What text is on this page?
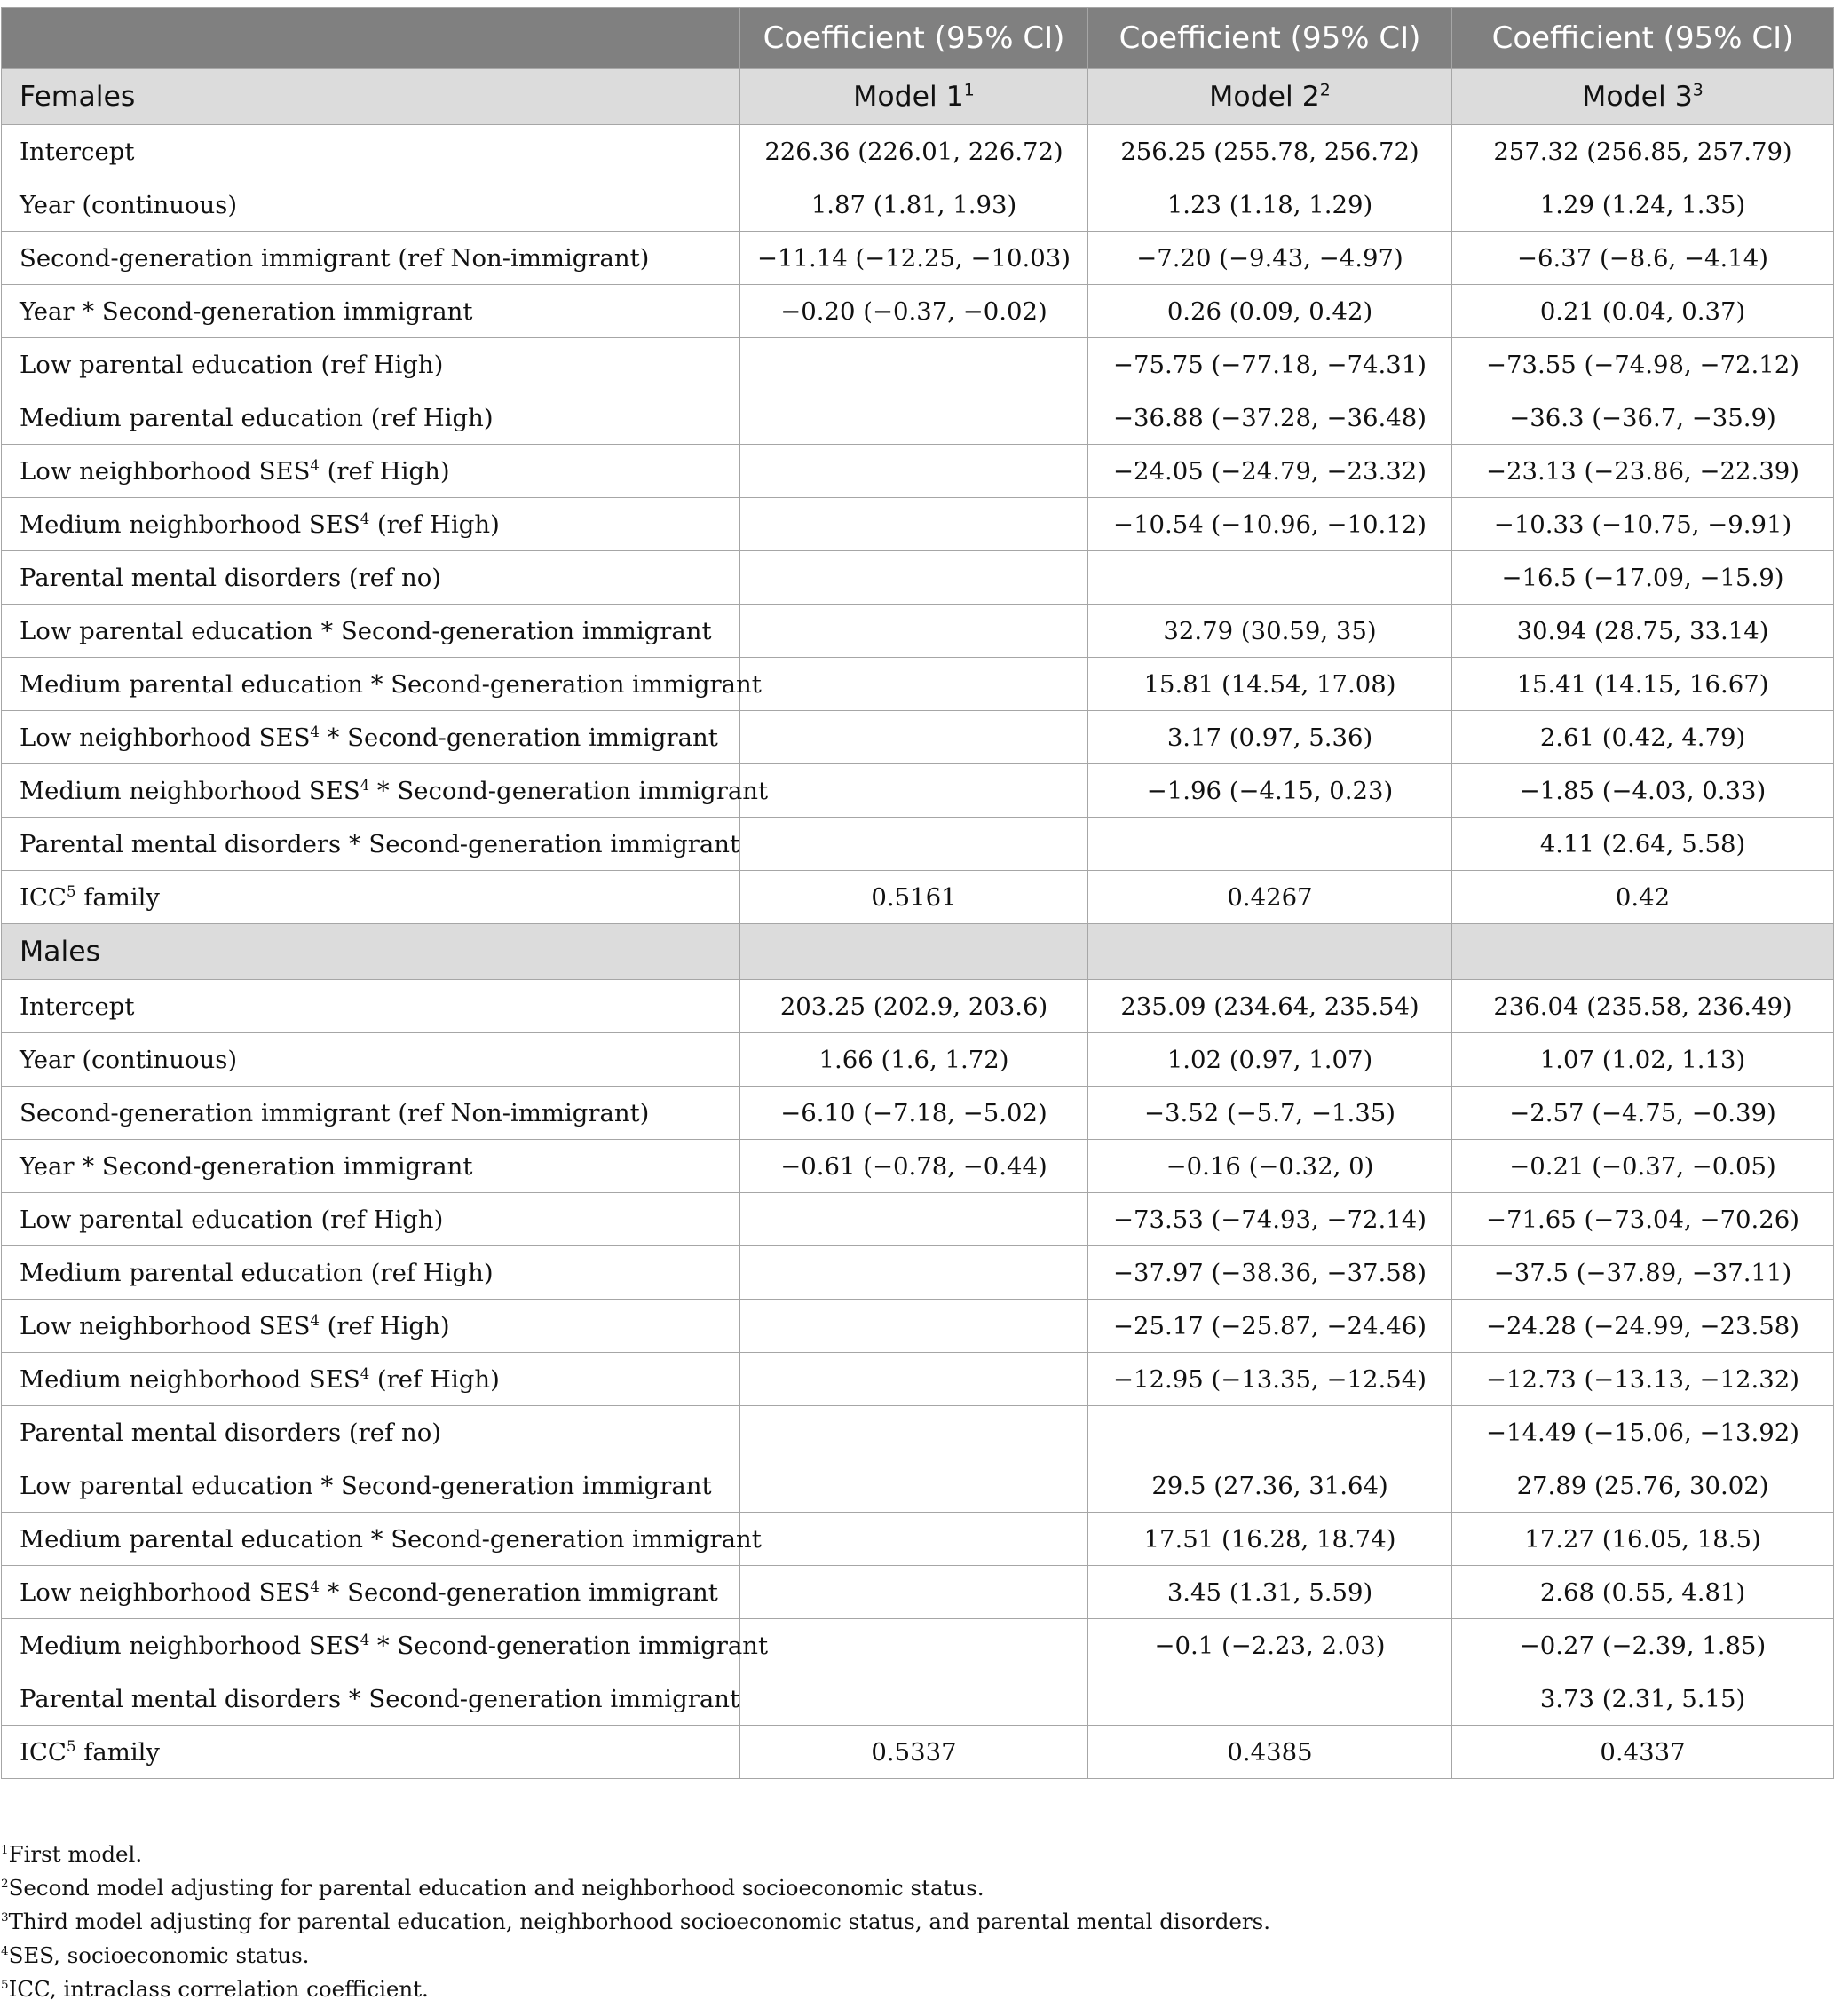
	Coefficient (95% CI)	Coefficient (95% CI)	Coefficient (95% CI)
Females	Model $1^1$	Model $2^2$	Model $3^3$
Intercept	226.36 (226.01, 226.72)	256.25 (255.78, 256.72)	257.32 (256.85, 257.79)
Year (continuous)	1.87 (1.81, 1.93)	1.23 (1.18, 1.29)	1.29 (1.24, 1.35)
Second-generation immigrant (ref Non-immigrant)	−11.14 (−12.25, −10.03)	−7.20 (−9.43, −4.97)	−6.37 (−8.6, −4.14)
Year * Second-generation immigrant	−0.20 (−0.37, −0.02)	0.26 (0.09, 0.42)	0.21 (0.04, 0.37)
Low parental education (ref High)		−75.75 (−77.18, −74.31)	−73.55 (−74.98, −72.12)
Medium parental education (ref High)		−36.88 (−37.28, −36.48)	−36.3 (−36.7, −35.9)
Low neighborhood SES$^4$ (ref High)		−24.05 (−24.79, −23.32)	−23.13 (−23.86, −22.39)
Medium neighborhood SES$^4$ (ref High)		−10.54 (−10.96, −10.12)	−10.33 (−10.75, −9.91)
Parental mental disorders (ref no)			−16.5 (−17.09, −15.9)
Low parental education * Second-generation immigrant		32.79 (30.59, 35)	30.94 (28.75, 33.14)
Medium parental education * Second-generation immigrant		15.81 (14.54, 17.08)	15.41 (14.15, 16.67)
Low neighborhood SES$^4$ * Second-generation immigrant		3.17 (0.97, 5.36)	2.61 (0.42, 4.79)
Medium neighborhood SES$^4$ * Second-generation immigrant		−1.96 (−4.15, 0.23)	−1.85 (−4.03, 0.33)
Parental mental disorders * Second-generation immigrant			4.11 (2.64, 5.58)
ICC$^5$ family	0.5161	0.4267	0.42
Males			
Intercept	203.25 (202.9, 203.6)	235.09 (234.64, 235.54)	236.04 (235.58, 236.49)
Year (continuous)	1.66 (1.6, 1.72)	1.02 (0.97, 1.07)	1.07 (1.02, 1.13)
Second-generation immigrant (ref Non-immigrant)	−6.10 (−7.18, −5.02)	−3.52 (−5.7, −1.35)	−2.57 (−4.75, −0.39)
Year * Second-generation immigrant	−0.61 (−0.78, −0.44)	−0.16 (−0.32, 0)	−0.21 (−0.37, −0.05)
Low parental education (ref High)		−73.53 (−74.93, −72.14)	−71.65 (−73.04, −70.26)
Medium parental education (ref High)		−37.97 (−38.36, −37.58)	−37.5 (−37.89, −37.11)
Low neighborhood SES$^4$ (ref High)		−25.17 (−25.87, −24.46)	−24.28 (−24.99, −23.58)
Medium neighborhood SES$^4$ (ref High)		−12.95 (−13.35, −12.54)	−12.73 (−13.13, −12.32)
Parental mental disorders (ref no)			−14.49 (−15.06, −13.92)
Low parental education * Second-generation immigrant		29.5 (27.36, 31.64)	27.89 (25.76, 30.02)
Medium parental education * Second-generation immigrant		17.51 (16.28, 18.74)	17.27 (16.05, 18.5)
Low neighborhood SES$^4$ * Second-generation immigrant		3.45 (1.31, 5.59)	2.68 (0.55, 4.81)
Medium neighborhood SES$^4$ * Second-generation immigrant		−0.1 (−2.23, 2.03)	−0.27 (−2.39, 1.85)
Parental mental disorders * Second-generation immigrant			3.73 (2.31, 5.15)
ICC$^5$ family	0.5337	0.4385	0.4337
$^1$First model.
$^2$Second model adjusting for parental education and neighborhood socioeconomic status.
$^3$Third model adjusting for parental education, neighborhood socioeconomic status, and parental mental disorders.
$^4$SES, socioeconomic status.
$^5$ICC, intraclass correlation coefficient.
